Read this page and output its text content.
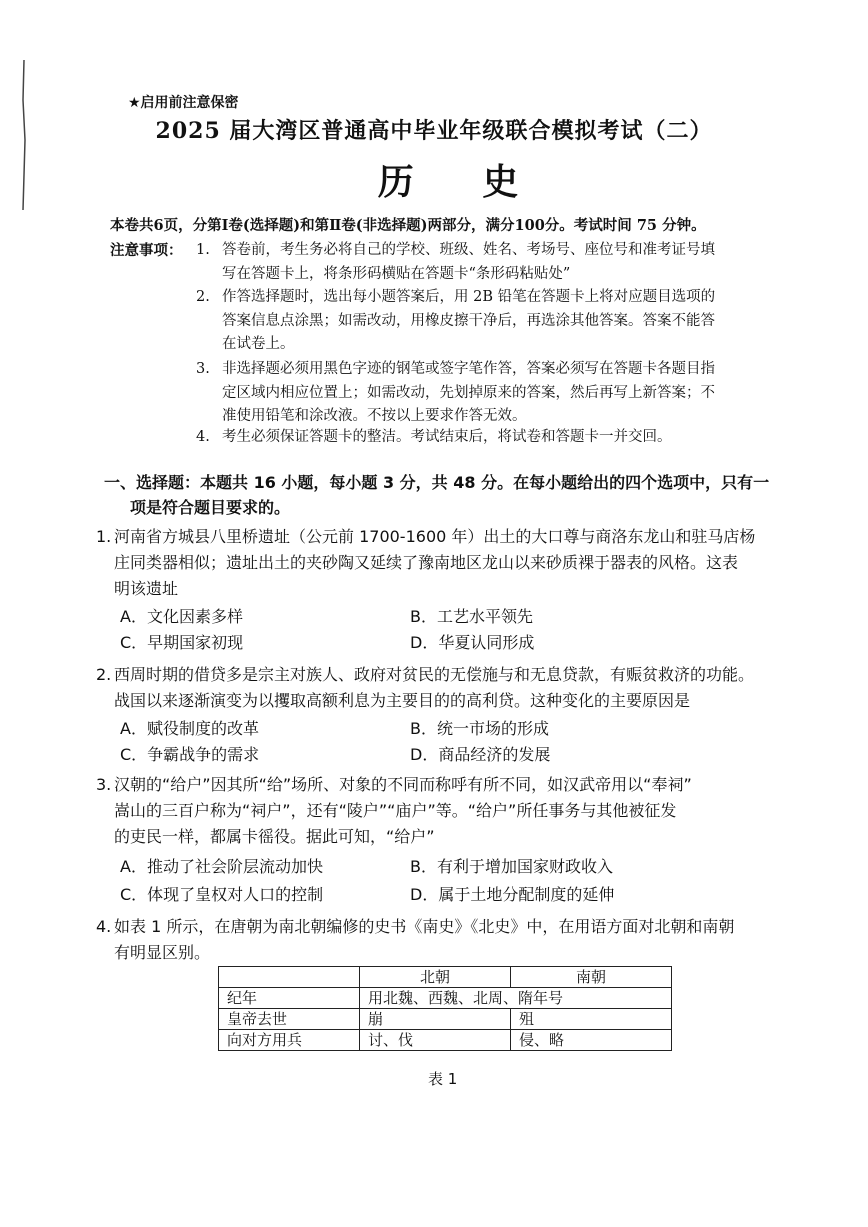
★启用前注意保密
2025 届大湾区普通高中毕业年级联合模拟考试（二）
历 史
本卷共6页，分第Ⅰ卷(选择题)和第Ⅱ卷(非选择题)两部分，满分100分。考试时间 75 分钟。
注意事项： 1. 答卷前，考生务必将自己的学校、班级、姓名、考场号、座位号和准考证号填
写在答题卡上，将条形码横贴在答题卡“条形码粘贴处”
2. 作答选择题时，选出每小题答案后，用 2B 铅笔在答题卡上将对应题目选项的
答案信息点涂黑；如需改动，用橡皮擦干净后，再选涂其他答案。答案不能答
在试卷上。
3. 非选择题必须用黑色字迹的钢笔或签字笔作答，答案必须写在答题卡各题目指
定区域内相应位置上；如需改动，先划掉原来的答案，然后再写上新答案；不
准使用铅笔和涂改液。不按以上要求作答无效。
4. 考生必须保证答题卡的整洁。考试结束后，将试卷和答题卡一并交回。
一、选择题：本题共 16 小题，每小题 3 分，共 48 分。在每小题给出的四个选项中，只有一
项是符合题目要求的。
1. 河南省方城县八里桥遗址（公元前 1700-1600 年）出土的大口尊与商洛东龙山和驻马店杨
庄同类器相似；遗址出土的夹砂陶又延续了豫南地区龙山以来砂质裸于器表的风格。这表
明该遗址
A．文化因素多样	B．工艺水平领先
C．早期国家初现	D．华夏认同形成
2. 西周时期的借贷多是宗主对族人、政府对贫民的无偿施与和无息贷款，有赈贫救济的功能。
战国以来逐渐演变为以攫取高额利息为主要目的的高利贷。这种变化的主要原因是
A．赋役制度的改革	B．统一市场的形成
C．争霸战争的需求	D．商品经济的发展
3. 汉朝的“给户”因其所“给”场所、对象的不同而称呼有所不同，如汉武帝用以“奉祠”
嵩山的三百户称为“祠户”，还有“陵户”“庙户”等。“给户”所任事务与其他被征发
的吏民一样，都属卡徭役。据此可知，“给户”
A．推动了社会阶层流动加快	B．有利于增加国家财政收入
C．体现了皇权对人口的控制	D．属于土地分配制度的延伸
4. 如表 1 所示，在唐朝为南北朝编修的史书《南史》《北史》中，在用语方面对北朝和南朝
有明显区别。
	北朝	南朝
纪年	用北魏、西魏、北周、隋年号	
皇帝去世	崩	殂
向对方用兵	讨、伐	侵、略
表 1
